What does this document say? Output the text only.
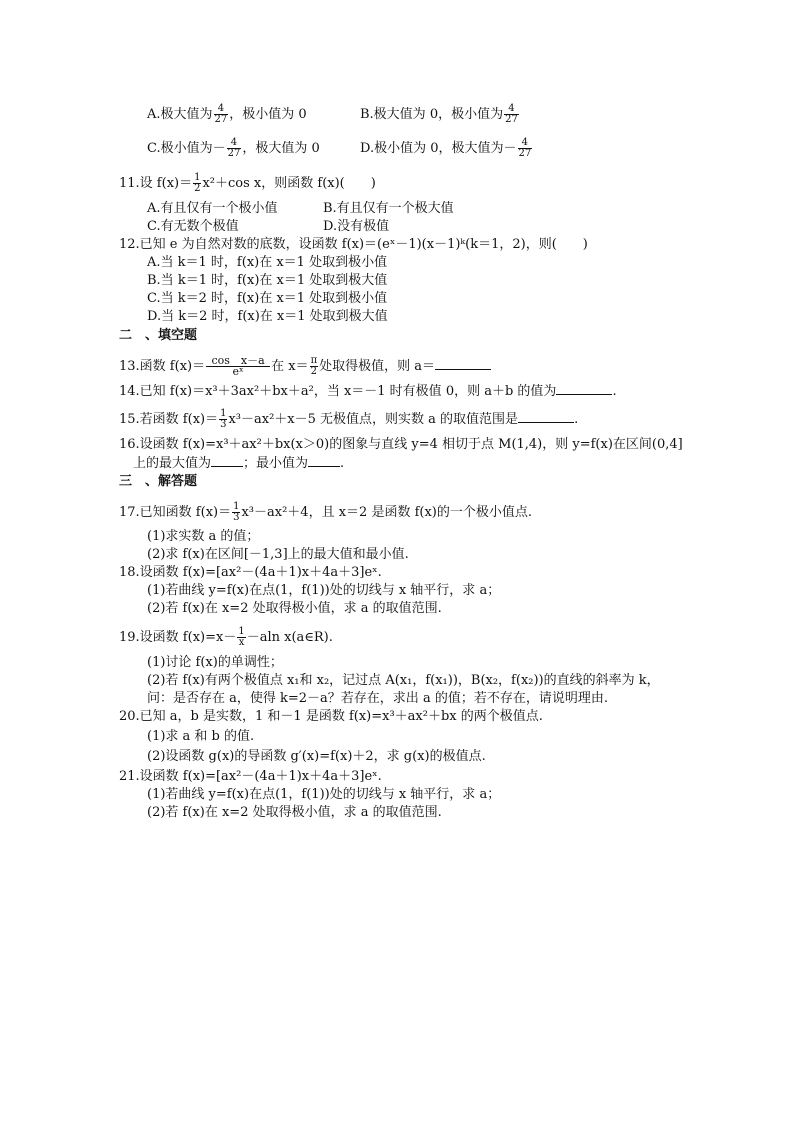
A.极大值为 $\frac{4}{27}$ ，极小值为 0	B.极大值为 0，极小值为 $\frac{4}{27}$
C.极小值为－ $\frac{4}{27}$ ，极大值为 0	D.极小值为 0，极大值为－ $\frac{4}{27}$
11.设 $f(x)= \frac{1}{2} x^2+\cos$ x，则函数 f(x)(　　)
A.有且仅有一个极小值	B.有且仅有一个极大值
C.有无数个极值	D.没有极值
12.已知 e 为自然对数的底数，设函数 f(x)＝(eˣ－1)(x－1)ᵏ(k＝1，2)，则(　　)
A.当 k＝1 时，f(x)在 x＝1 处取到极小值
B.当 k＝1 时，f(x)在 x＝1 处取到极大值
C.当 k＝2 时，f(x)在 x＝1 处取到极小值
D.当 k＝2 时，f(x)在 x＝1 处取到极大值
二　、填空题
13.函数 $f(x)= \frac{\text{cos　x－a}}{\text{eˣ}}$ 在 $x= \frac{\pi}{2}$ 处取得极值，则 a＝
14.已知 f(x)＝x³＋3ax²＋bx＋a²，当 x＝－1 时有极值 0，则 a＋b 的值为	.
15.若函数 $f(x)= \frac{1}{3} x^3-ax^2+x-5$ 无极值点，则实数 a 的取值范围是	.
16.设函数 f(x)=x³＋ax²＋bx(x＞0)的图象与直线 y=4 相切于点 M(1,4)，则 y=f(x)在区间(0,4]
上的最大值为 ；最小值为 .
三　、解答题
17.已知函数 $f(x)= \frac{1}{3} x^3-ax^2+4$，且 x＝2 是函数 f(x)的一个极小值点.
(1)求实数 a 的值；
(2)求 f(x)在区间[－1,3]上的最大值和最小值.
18.设函数 f(x)=[ax²－(4a＋1)x＋4a＋3]eˣ.
(1)若曲线 y=f(x)在点(1，f(1))处的切线与 x 轴平行，求 a；
(2)若 f(x)在 x=2 处取得极小值，求 a 的取值范围.
19.设函数 $f(x)=x- \frac{1}{x} -aln$ x(a∈R).
(1)讨论 f(x)的单调性；
(2)若 f(x)有两个极值点 x₁和 x₂，记过点 A(x₁，f(x₁))，B(x₂，f(x₂))的直线的斜率为 k，
问：是否存在 a，使得 k=2－a？若存在，求出 a 的值；若不存在，请说明理由.
20.已知 a，b 是实数，1 和－1 是函数 f(x)=x³＋ax²＋bx 的两个极值点.
(1)求 a 和 b 的值.
(2)设函数 g(x)的导函数 g′(x)=f(x)＋2，求 g(x)的极值点.
21.设函数 f(x)=[ax²－(4a＋1)x＋4a＋3]eˣ.
(1)若曲线 y=f(x)在点(1，f(1))处的切线与 x 轴平行，求 a；
(2)若 f(x)在 x=2 处取得极小值，求 a 的取值范围.
